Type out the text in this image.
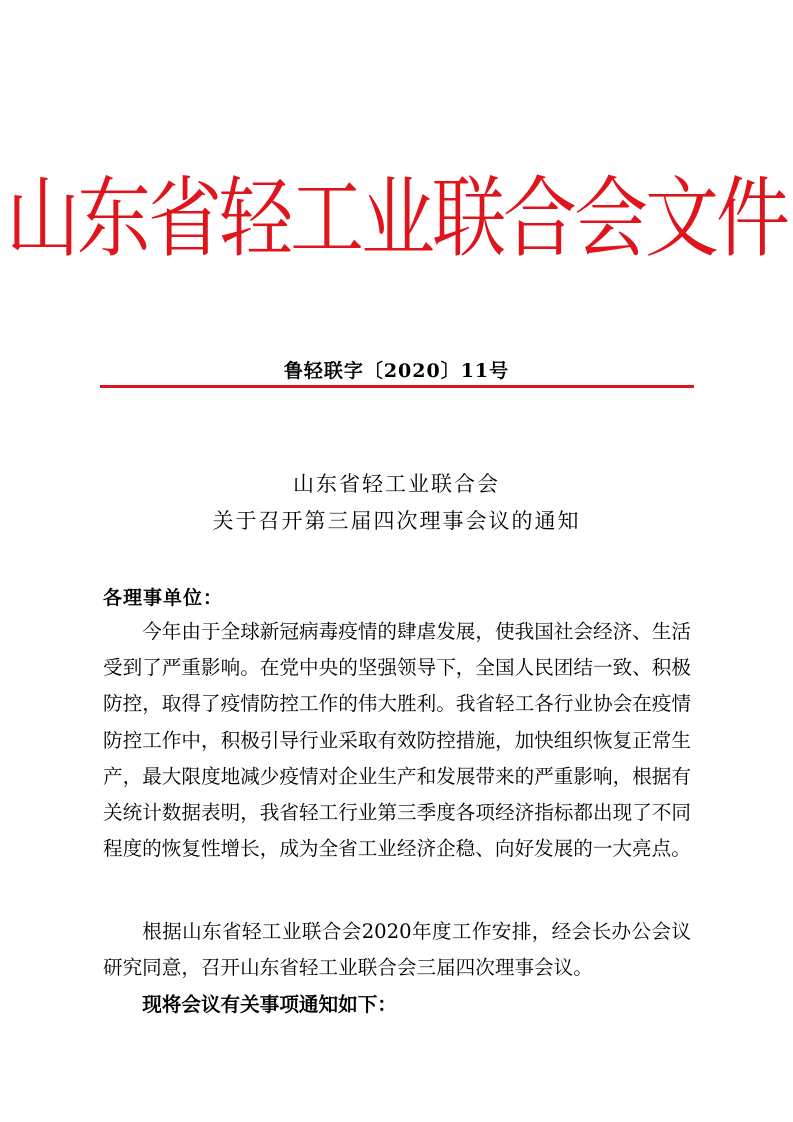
山东省轻工业联合会文件
鲁轻联字〔2020〕11号
山东省轻工业联合会
关于召开第三届四次理事会议的通知
各理事单位：
今年由于全球新冠病毒疫情的肆虐发展，使我国社会经济、生活受到了严重影响。在党中央的坚强领导下，全国人民团结一致、积极防控，取得了疫情防控工作的伟大胜利。我省轻工各行业协会在疫情防控工作中，积极引导行业采取有效防控措施，加快组织恢复正常生产，最大限度地减少疫情对企业生产和发展带来的严重影响，根据有关统计数据表明，我省轻工行业第三季度各项经济指标都出现了不同程度的恢复性增长，成为全省工业经济企稳、向好发展的一大亮点。
根据山东省轻工业联合会2020年度工作安排，经会长办公会议研究同意，召开山东省轻工业联合会三届四次理事会议。
现将会议有关事项通知如下：
